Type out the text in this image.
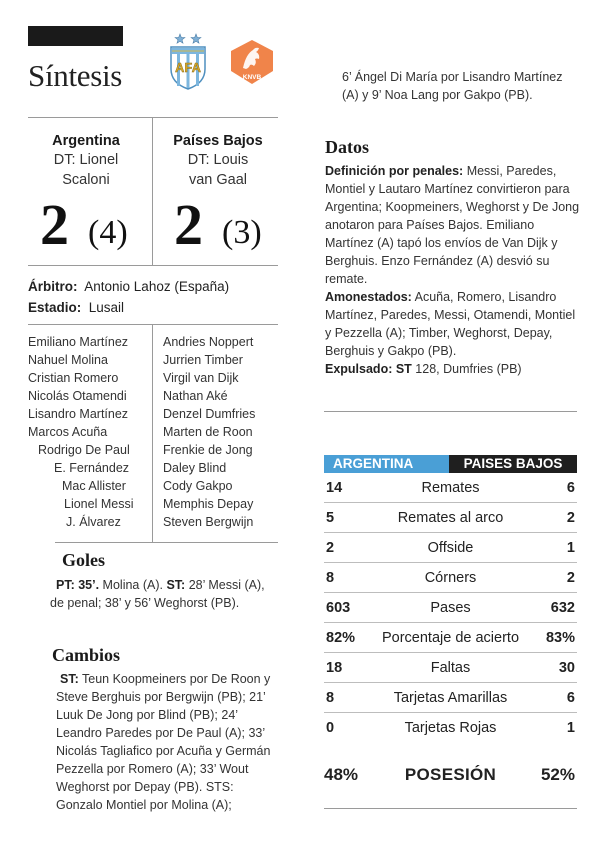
Síntesis	AFA
KNVB
Argentina
DT: Lionel
Scaloni
Países Bajos
DT: Louis
van Gaal
2 (4) 2 (3)
Árbitro: Antonio Lahoz (España)
Estadio: Lusail
Emiliano Martínez
Nahuel Molina
Cristian Romero
Nicolás Otamendi
Lisandro Martínez
Marcos Acuña
Rodrigo De Paul
E. Fernández
Mac Allister
Lionel Messi
J. Álvarez
Andries Noppert
Jurrien Timber
Virgil van Dijk
Nathan Aké
Denzel Dumfries
Marten de Roon
Frenkie de Jong
Daley Blind
Cody Gakpo
Memphis Depay
Steven Bergwijn
Goles
PT: 35’. Molina (A). ST: 28’ Messi (A), de penal; 38’ y 56’ Weghorst (PB).
Cambios
ST: Teun Koopmeiners por De Roon y Steve Berghuis por Bergwijn (PB); 21’ Luuk De Jong por Blind (PB); 24’ Leandro Paredes por De Paul (A); 33’ Nicolás Tagliafico por Acuña y Germán Pezzella por Romero (A); 33’ Wout Weghorst por Depay (PB). STS: Gonzalo Montiel por Molina (A);
6’ Ángel Di María por Lisandro Martínez (A) y 9’ Noa Lang por Gakpo (PB).
Datos
Definición por penales: Messi, Paredes, Montiel y Lautaro Martínez convirtieron para Argentina; Koopmeiners, Weghorst y De Jong anotaron para Países Bajos. Emiliano Martínez (A) tapó los envíos de Van Dijk y Berghuis. Enzo Fernández (A) desvió su remate.
Amonestados: Acuña, Romero, Lisandro Martínez, Paredes, Messi, Otamendi, Montiel y Pezzella (A); Timber, Weghorst, Depay, Berghuis y Gakpo (PB).
Expulsado: ST 128, Dumfries (PB)
ARGENTINA	PAISES BAJOS
14	Remates	6
5	Remates al arco	2
2	Offside	1
8	Córners	2
603	Pases	632
82%	Porcentaje de acierto	83%
18	Faltas	30
8	Tarjetas Amarillas	6
0	Tarjetas Rojas	1
48%	POSESIÓN	52%
